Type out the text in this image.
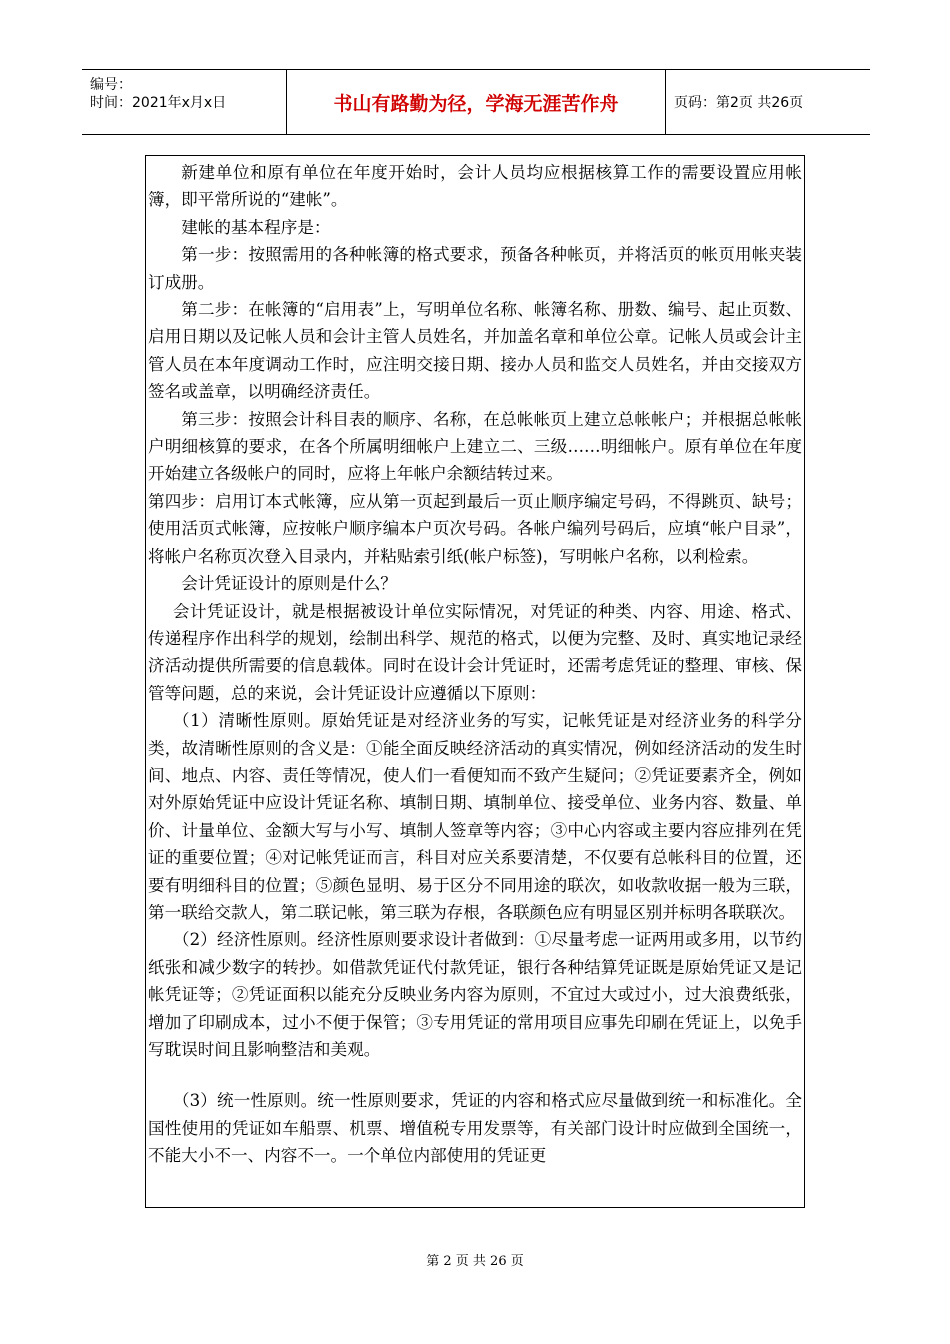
编号：
时间：2021年x月x日	书山有路勤为径，学海无涯苦作舟	页码：第2页 共26页

新建单位和原有单位在年度开始时，会计人员均应根据核算工作的需要设置应用帐簿，即平常所说的“建帐”。

建帐的基本程序是：

第一步：按照需用的各种帐簿的格式要求，预备各种帐页，并将活页的帐页用帐夹装订成册。

第二步：在帐簿的“启用表”上，写明单位名称、帐簿名称、册数、编号、起止页数、启用日期以及记帐人员和会计主管人员姓名，并加盖名章和单位公章。记帐人员或会计主管人员在本年度调动工作时，应注明交接日期、接办人员和监交人员姓名，并由交接双方签名或盖章，以明确经济责任。

第三步：按照会计科目表的顺序、名称，在总帐帐页上建立总帐帐户；并根据总帐帐户明细核算的要求，在各个所属明细帐户上建立二、三级……明细帐户。原有单位在年度开始建立各级帐户的同时，应将上年帐户余额结转过来。

第四步：启用订本式帐簿，应从第一页起到最后一页止顺序编定号码，不得跳页、缺号；使用活页式帐簿，应按帐户顺序编本户页次号码。各帐户编列号码后，应填“帐户目录”，将帐户名称页次登入目录内，并粘贴索引纸(帐户标签)，写明帐户名称，以利检索。

会计凭证设计的原则是什么？

会计凭证设计，就是根据被设计单位实际情况，对凭证的种类、内容、用途、格式、传递程序作出科学的规划，绘制出科学、规范的格式，以便为完整、及时、真实地记录经济活动提供所需要的信息载体。同时在设计会计凭证时，还需考虑凭证的整理、审核、保管等问题，总的来说，会计凭证设计应遵循以下原则：

（1）清晰性原则。原始凭证是对经济业务的写实，记帐凭证是对经济业务的科学分类，故清晰性原则的含义是：①能全面反映经济活动的真实情况，例如经济活动的发生时间、地点、内容、责任等情况，使人们一看便知而不致产生疑问；②凭证要素齐全，例如对外原始凭证中应设计凭证名称、填制日期、填制单位、接受单位、业务内容、数量、单价、计量单位、金额大写与小写、填制人签章等内容；③中心内容或主要内容应排列在凭证的重要位置；④对记帐凭证而言，科目对应关系要清楚，不仅要有总帐科目的位置，还要有明细科目的位置；⑤颜色显明、易于区分不同用途的联次，如收款收据一般为三联，第一联给交款人，第二联记帐，第三联为存根，各联颜色应有明显区别并标明各联联次。

（2）经济性原则。经济性原则要求设计者做到：①尽量考虑一证两用或多用，以节约纸张和减少数字的转抄。如借款凭证代付款凭证，银行各种结算凭证既是原始凭证又是记帐凭证等；②凭证面积以能充分反映业务内容为原则，不宜过大或过小，过大浪费纸张，增加了印刷成本，过小不便于保管；③专用凭证的常用项目应事先印刷在凭证上，以免手写耽误时间且影响整洁和美观。

（3）统一性原则。统一性原则要求，凭证的内容和格式应尽量做到统一和标准化。全国性使用的凭证如车船票、机票、增值税专用发票等，有关部门设计时应做到全国统一，不能大小不一、内容不一。一个单位内部使用的凭证更

第 2 页 共 26 页
